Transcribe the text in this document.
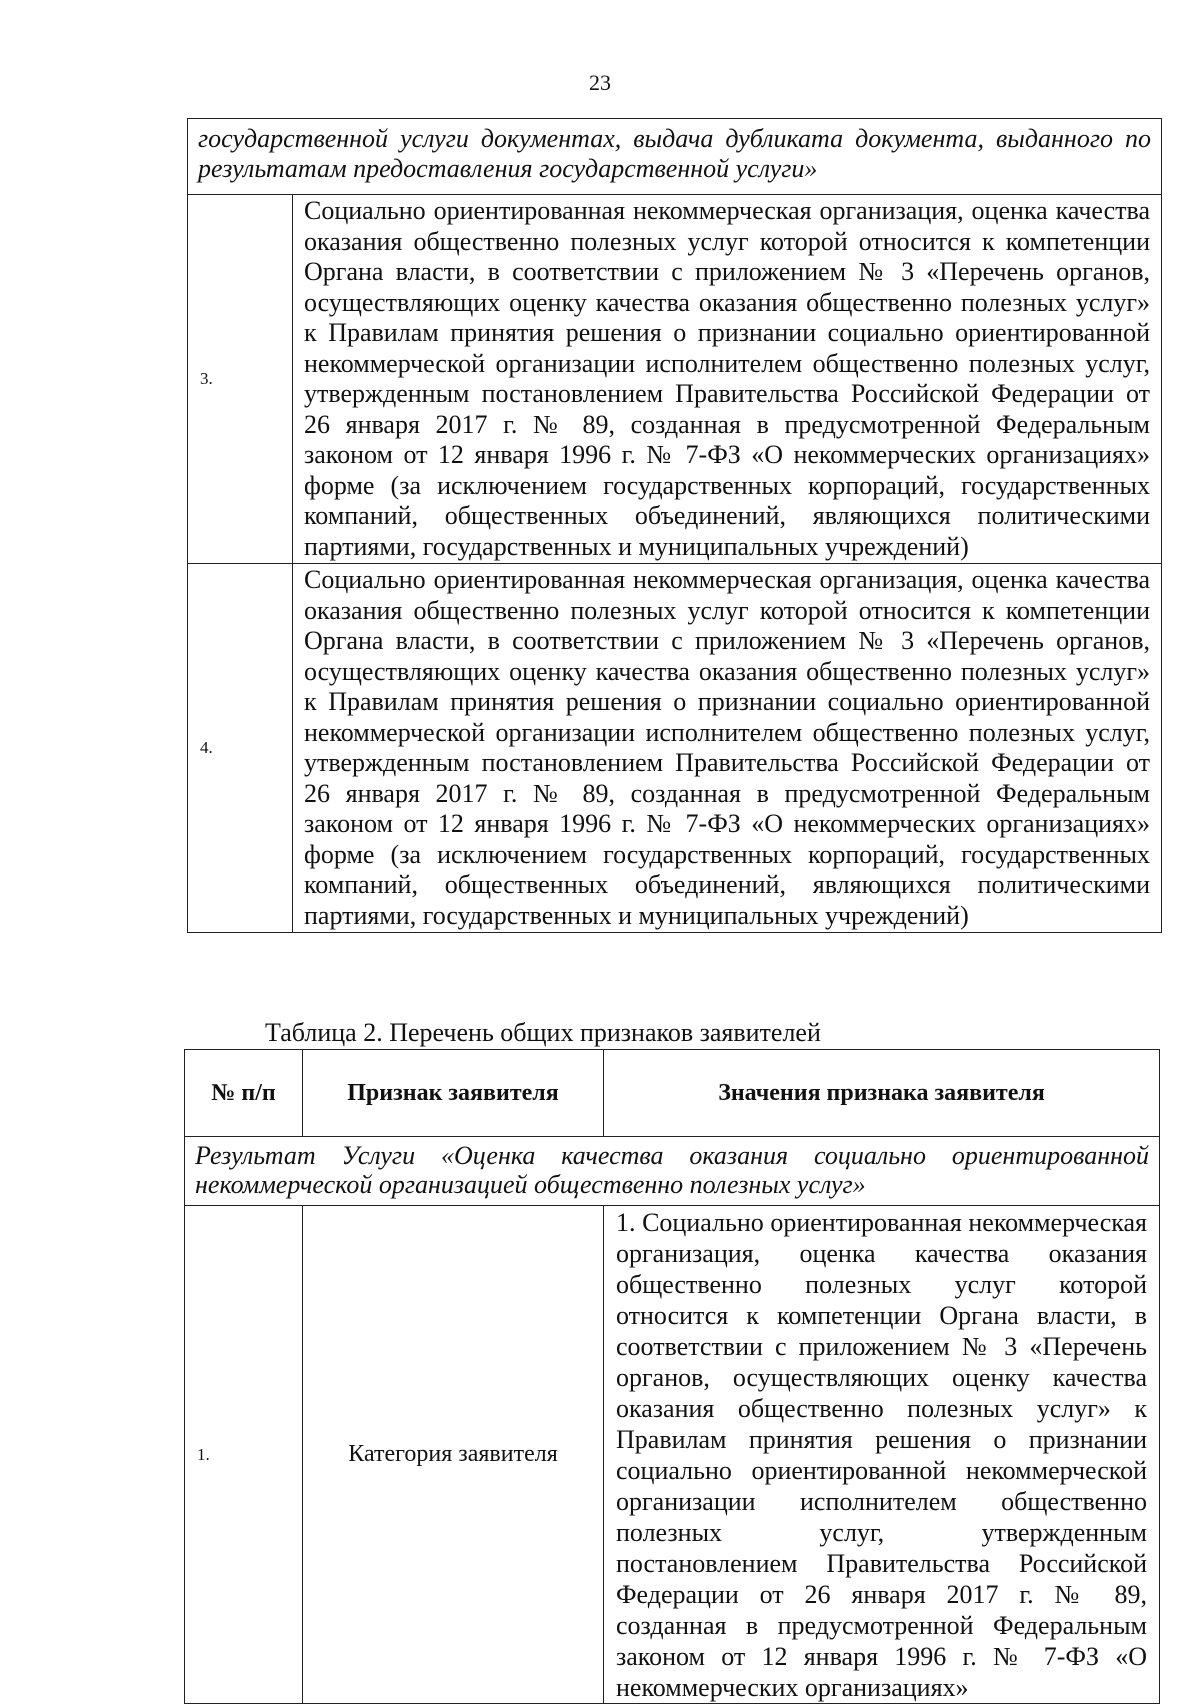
23
государственной услуги документах, выдача дубликата документа, выданного по результатам предоставления государственной услуги»	
3.	Социально ориентированная некоммерческая организация, оценка качества оказания общественно полезных услуг которой относится к компетенции Органа власти, в соответствии с приложением № 3 «Перечень органов, осуществляющих оценку качества оказания общественно полезных услуг» к Правилам принятия решения о признании социально ориентированной некоммерческой организации исполнителем общественно полезных услуг, утвержденным постановлением Правительства Российской Федерации от 26 января 2017 г. № 89, созданная в предусмотренной Федеральным законом от 12 января 1996 г. № 7-ФЗ «О некоммерческих организациях» форме (за исключением государственных корпораций, государственных компаний, общественных объединений, являющихся политическими партиями, государственных и муниципальных учреждений)
4.	Социально ориентированная некоммерческая организация, оценка качества оказания общественно полезных услуг которой относится к компетенции Органа власти, в соответствии с приложением № 3 «Перечень органов, осуществляющих оценку качества оказания общественно полезных услуг» к Правилам принятия решения о признании социально ориентированной некоммерческой организации исполнителем общественно полезных услуг, утвержденным постановлением Правительства Российской Федерации от 26 января 2017 г. № 89, созданная в предусмотренной Федеральным законом от 12 января 1996 г. № 7-ФЗ «О некоммерческих организациях» форме (за исключением государственных корпораций, государственных компаний, общественных объединений, являющихся политическими партиями, государственных и муниципальных учреждений)
Таблица 2. Перечень общих признаков заявителей
№ п/п	Признак заявителя	Значения признака заявителя
Результат Услуги «Оценка качества оказания социально ориентированной некоммерческой организацией общественно полезных услуг»		
1.	Категория заявителя	1. Социально ориентированная некоммерческая организация, оценка качества оказания общественно полезных услуг которой относится к компетенции Органа власти, в соответствии с приложением № 3 «Перечень органов, осуществляющих оценку качества оказания общественно полезных услуг» к Правилам принятия решения о признании социально ориентированной некоммерческой организации исполнителем общественно полезных услуг, утвержденным постановлением Правительства Российской Федерации от 26 января 2017 г. № 89, созданная в предусмотренной Федеральным законом от 12 января 1996 г. № 7-ФЗ «О некоммерческих организациях»
